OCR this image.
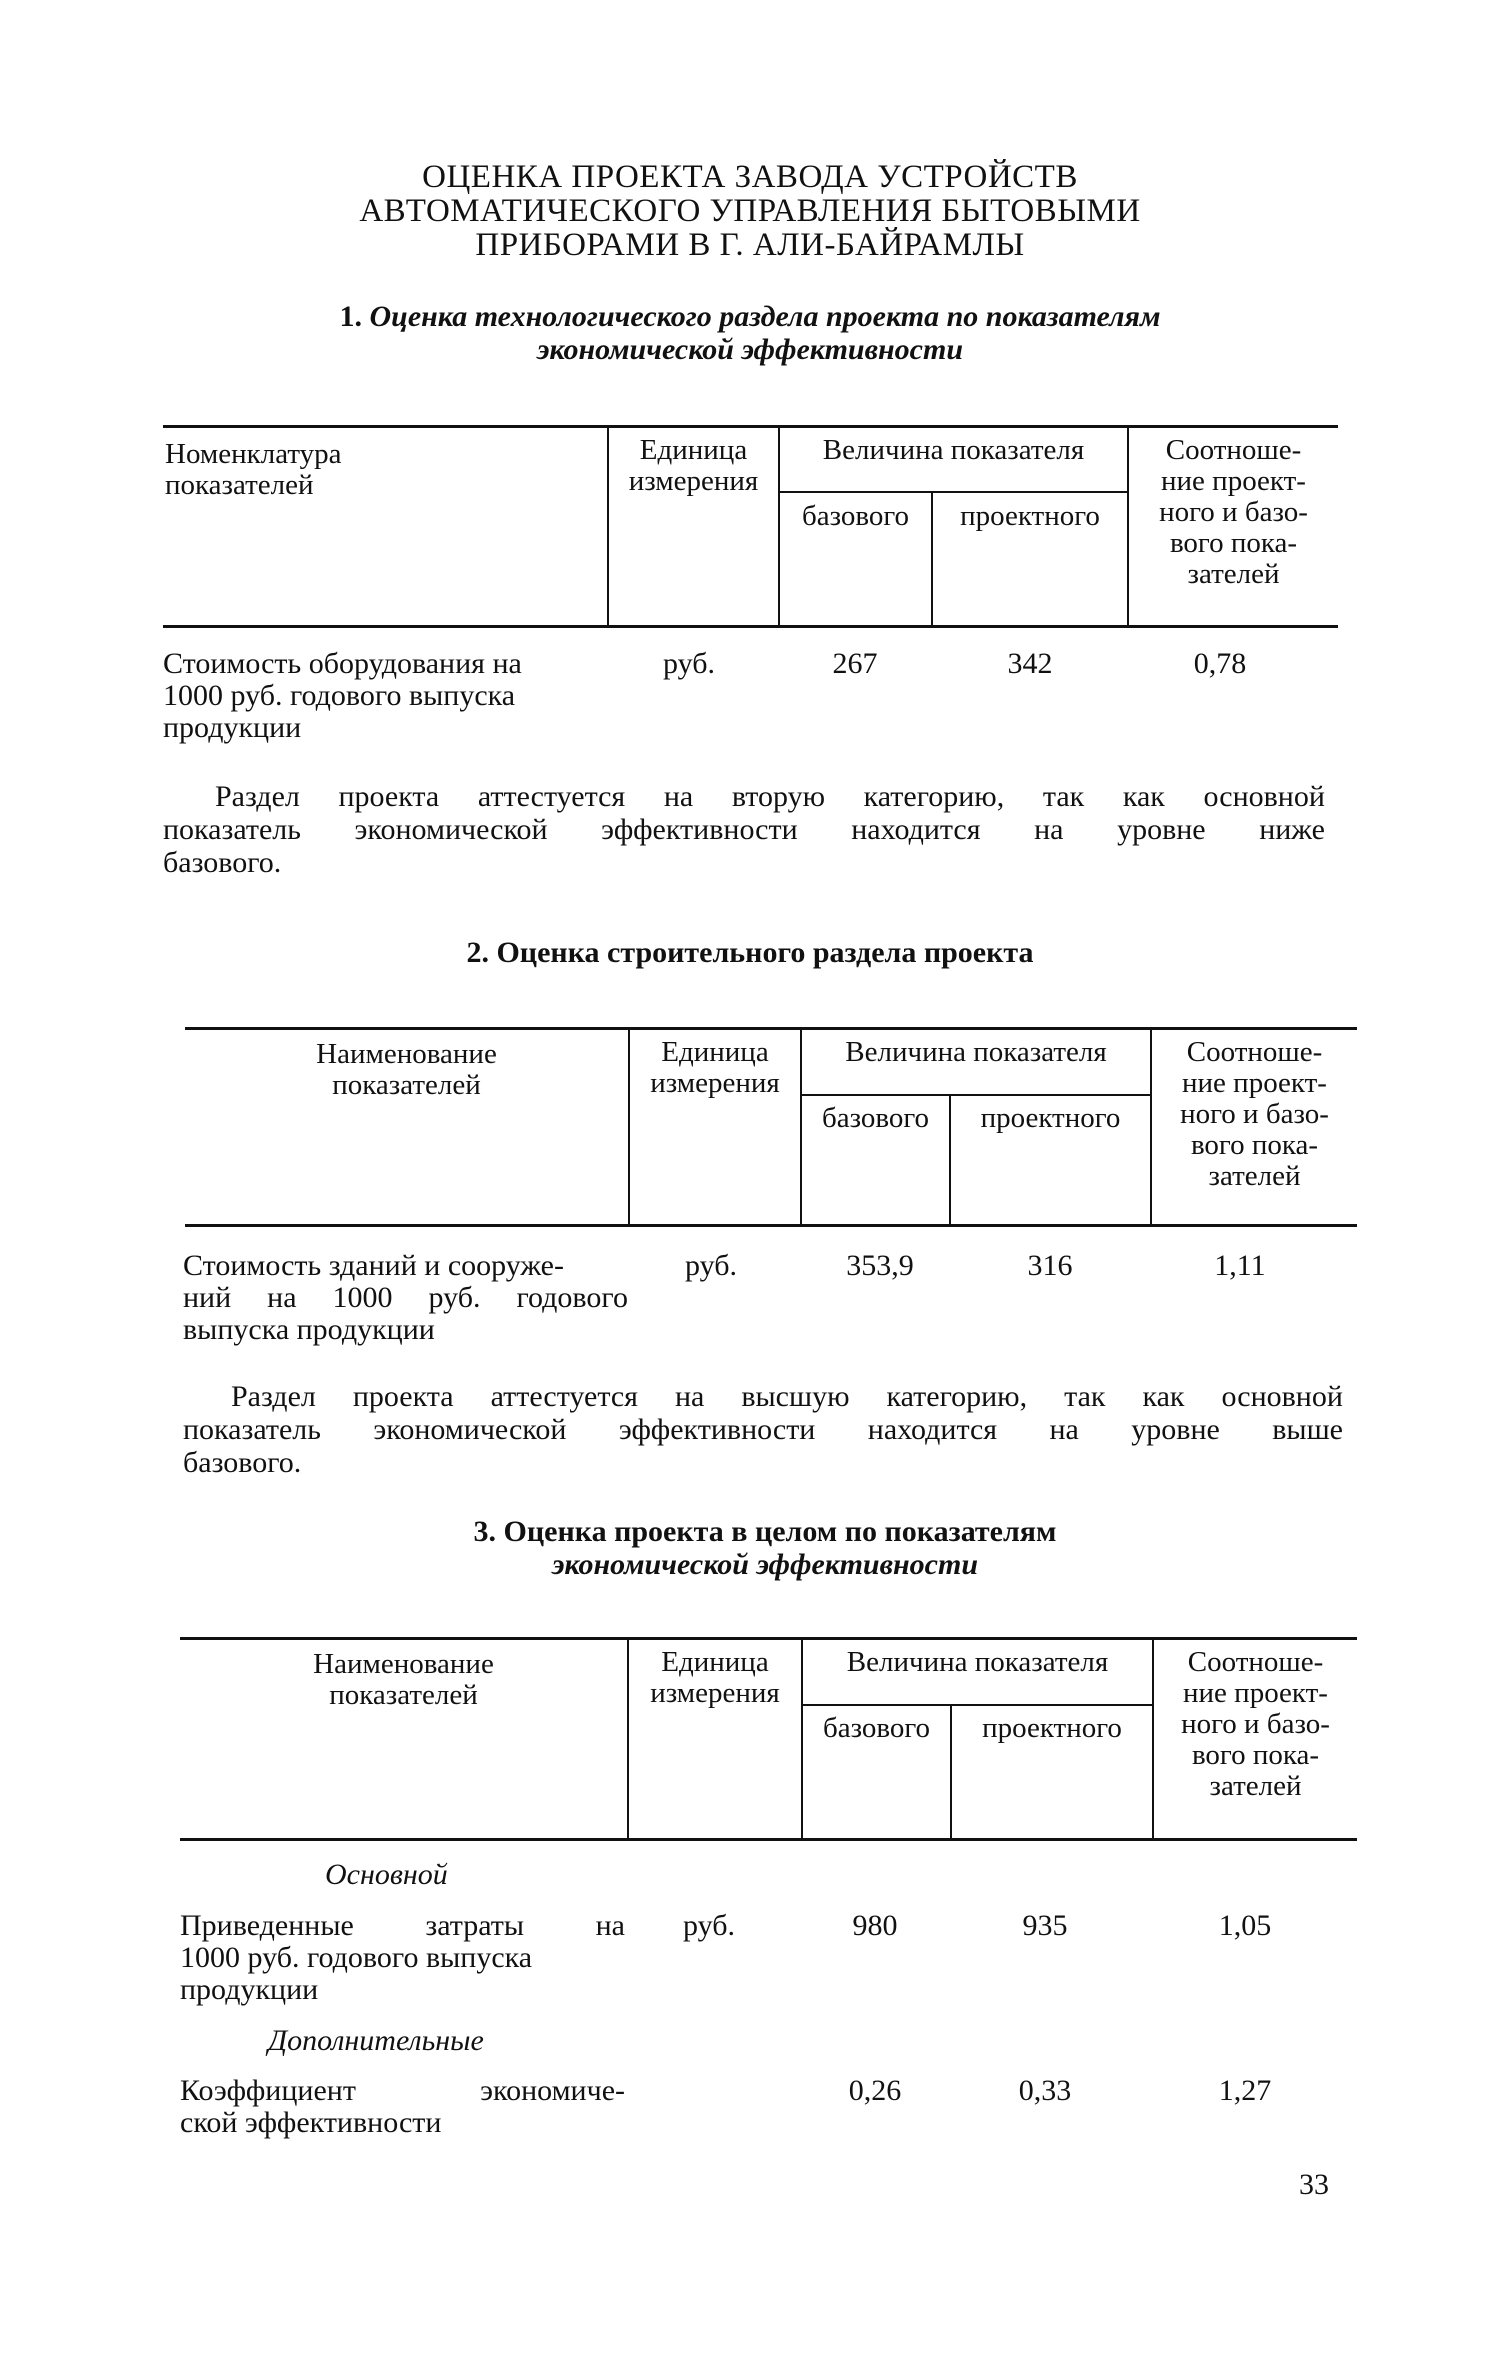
ОЦЕНКА ПРОЕКТА ЗАВОДА УСТРОЙСТВ
АВТОМАТИЧЕСКОГО УПРАВЛЕНИЯ БЫТОВЫМИ
ПРИБОРАМИ В Г. АЛИ-БАЙРАМЛЫ
1. Оценка технологического раздела проекта по показателям
экономической эффективности
Номенклатура
показателей
Единица
измерения
Величина показателя
базового	проектного
Соотноше-
ние проект-
ного и базо-
вого пока-
зателей
Стоимость оборудования на
1000 руб. годового выпуска
продукции
руб.	267	342	0,78
Раздел проекта аттестуется на вторую категорию, так как основной
показатель экономической эффективности находится на уровне ниже
базового.
2. Оценка строительного раздела проекта
Наименование
показателей
Единица
измерения
Величина показателя
базового	проектного
Соотноше-
ние проект-
ного и базо-
вого пока-
зателей
Стоимость зданий и сооруже-
ний на 1000 руб. годового
выпуска продукции
руб.	353,9	316	1,11
Раздел проекта аттестуется на высшую категорию, так как основной
показатель экономической эффективности находится на уровне выше
базового.
3. Оценка проекта в целом по показателям
экономической эффективности
Наименование
показателей
Единица
измерения
Величина показателя
базового	проектного
Соотноше-
ние проект-
ного и базо-
вого пока-
зателей
Основной
Приведенные затраты на
1000 руб. годового выпуска
продукции
руб.	980	935	1,05
Дополнительные
Коэффициент	экономиче-
ской эффективности
0,26	0,33	1,27
33
